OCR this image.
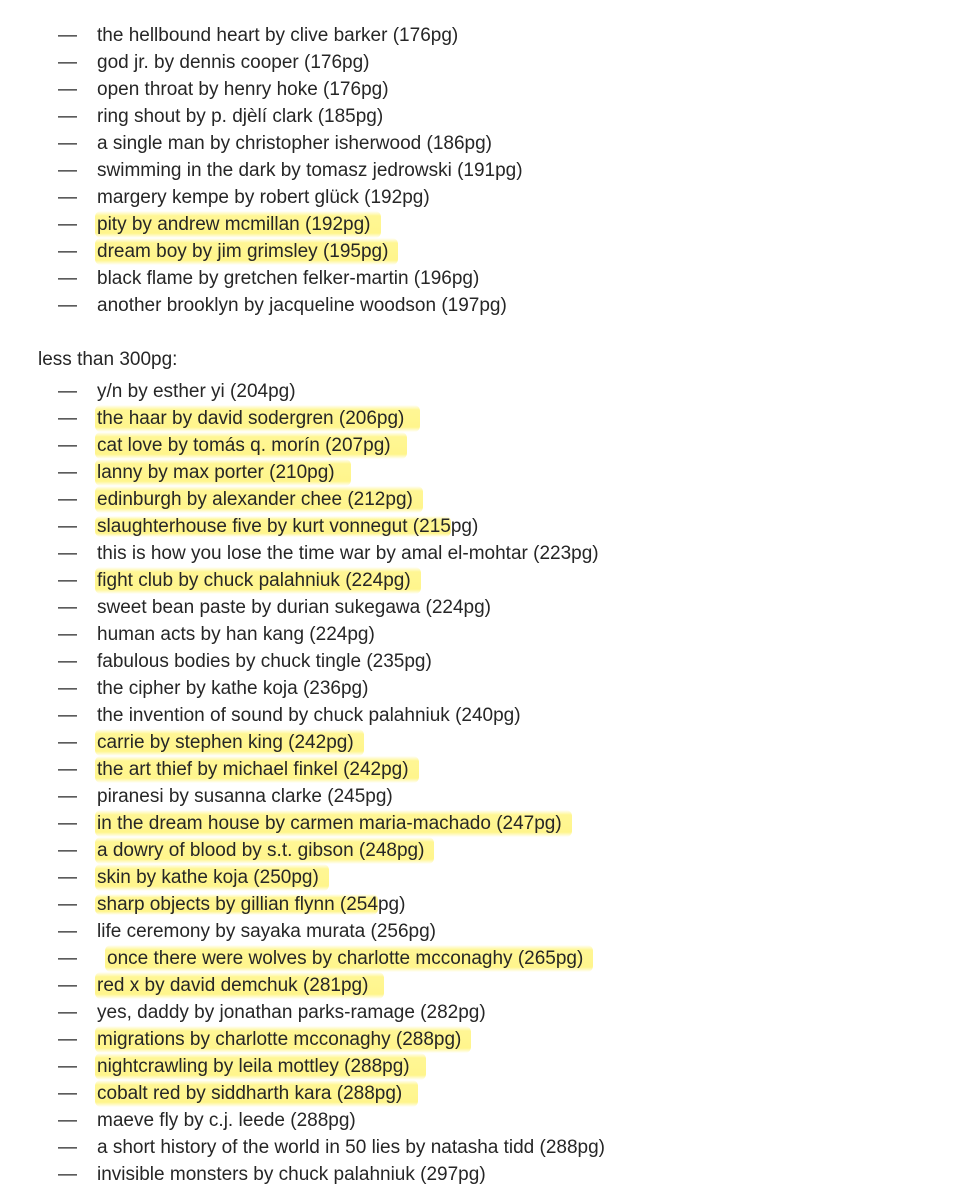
— the hellbound heart by clive barker (176pg)
— god jr. by dennis cooper (176pg)
— open throat by henry hoke (176pg)
— ring shout by p. djèlí clark (185pg)
— a single man by christopher isherwood (186pg)
— swimming in the dark by tomasz jedrowski (191pg)
— margery kempe by robert glück (192pg)
— pity by andrew mcmillan (192pg)
— dream boy by jim grimsley (195pg)
— black flame by gretchen felker-martin (196pg)
— another brooklyn by jacqueline woodson (197pg)
less than 300pg:
— y/n by esther yi (204pg)
— the haar by david sodergren (206pg)
— cat love by tomás q. morín (207pg)
— lanny by max porter (210pg)
— edinburgh by alexander chee (212pg)
— slaughterhouse five by kurt vonnegut (215pg)
— this is how you lose the time war by amal el-mohtar (223pg)
— fight club by chuck palahniuk (224pg)
— sweet bean paste by durian sukegawa (224pg)
— human acts by han kang (224pg)
— fabulous bodies by chuck tingle (235pg)
— the cipher by kathe koja (236pg)
— the invention of sound by chuck palahniuk (240pg)
— carrie by stephen king (242pg)
— the art thief by michael finkel (242pg)
— piranesi by susanna clarke (245pg)
— in the dream house by carmen maria-machado (247pg)
— a dowry of blood by s.t. gibson (248pg)
— skin by kathe koja (250pg)
— sharp objects by gillian flynn (254pg)
— life ceremony by sayaka murata (256pg)
— once there were wolves by charlotte mcconaghy (265pg)
— red x by david demchuk (281pg)
— yes, daddy by jonathan parks-ramage (282pg)
— migrations by charlotte mcconaghy (288pg)
— nightcrawling by leila mottley (288pg)
— cobalt red by siddharth kara (288pg)
— maeve fly by c.j. leede (288pg)
— a short history of the world in 50 lies by natasha tidd (288pg)
— invisible monsters by chuck palahniuk (297pg)
